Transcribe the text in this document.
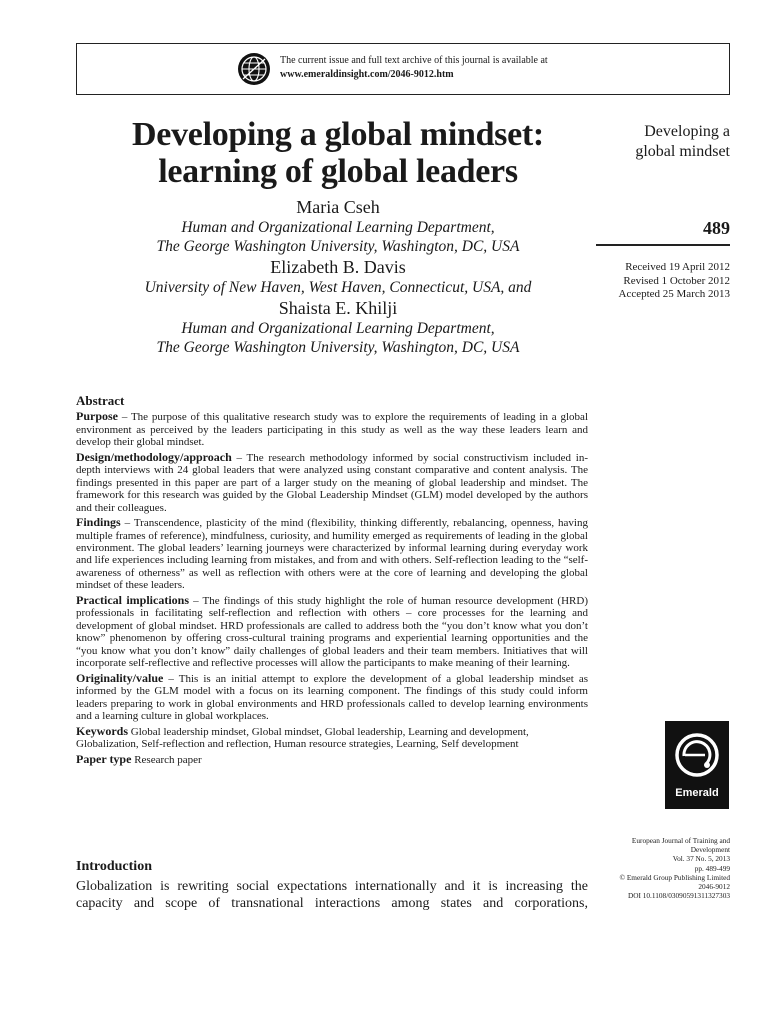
The current issue and full text archive of this journal is available at
www.emeraldinsight.com/2046-9012.htm
Developing a global mindset:
learning of global leaders
Maria Cseh
Human and Organizational Learning Department,
The George Washington University, Washington, DC, USA
Elizabeth B. Davis
University of New Haven, West Haven, Connecticut, USA, and
Shaista E. Khilji
Human and Organizational Learning Department,
The George Washington University, Washington, DC, USA
Developing a
global mindset
489
Received 19 April 2012
Revised 1 October 2012
Accepted 25 March 2013
Abstract

Purpose – The purpose of this qualitative research study was to explore the requirements of leading in a global environment as perceived by the leaders participating in this study as well as the way these leaders learn and develop their global mindset.

Design/methodology/approach – The research methodology informed by social constructivism included in-depth interviews with 24 global leaders that were analyzed using constant comparative and content analysis. The findings presented in this paper are part of a larger study on the meaning of global leadership and mindset. The framework for this research was guided by the Global Leadership Mindset (GLM) model developed by the authors and their colleagues.

Findings – Transcendence, plasticity of the mind (flexibility, thinking differently, rebalancing, openness, having multiple frames of reference), mindfulness, curiosity, and humility emerged as requirements of leading in the global environment. The global leaders’ learning journeys were characterized by informal learning during everyday work and life experiences including learning from mistakes, and from and with others. Self-reflection leading to the “self-awareness of otherness” as well as reflection with others were at the core of learning and developing the global mindset of these leaders.

Practical implications – The findings of this study highlight the role of human resource development (HRD) professionals in facilitating self-reflection and reflection with others – core processes for the learning and development of global mindset. HRD professionals are called to address both the “you don’t know what you don’t know” phenomenon by offering cross-cultural training programs and experiential learning opportunities and the “you know what you don’t know” daily challenges of global leaders and their team members. Initiatives that will incorporate self-reflective and reflective processes will allow the participants to make meaning of their learning.

Originality/value – This is an initial attempt to explore the development of a global leadership mindset as informed by the GLM model with a focus on its learning component. The findings of this study could inform leaders preparing to work in global environments and HRD professionals called to develop learning environments and a learning culture in global workplaces.

Keywords Global leadership mindset, Global mindset, Global leadership, Learning and development, Globalization, Self-reflection and reflection, Human resource strategies, Learning, Self development

Paper type Research paper

Emerald
European Journal of Training and
Development
Vol. 37 No. 5, 2013
pp. 489-499
© Emerald Group Publishing Limited
2046-9012
DOI 10.1108/03090591311327303
Introduction
Globalization is rewriting social expectations internationally and it is increasing the capacity and scope of transnational interactions among states and corporations,
